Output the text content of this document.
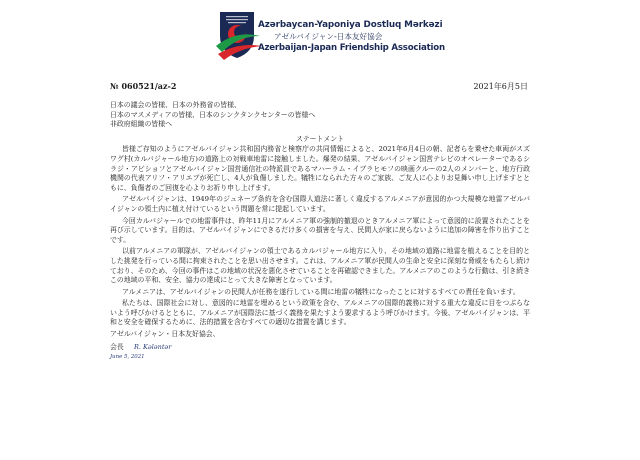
Azərbaycan-Yaponiya Dostluq Mərkəzi
アゼルバイジャン-日本友好協会
Azerbaijan-Japan Friendship Association
№ 060521/az-2	2021年6月5日
日本の議会の皆様、日本の外務省の皆様、
日本のマスメディアの皆様、日本のシンクタンクセンターの皆様へ
非政府組織の皆様へ
ステートメント

皆様ご存知のようにアゼルバイジャン共和国内務省と検察庁の共同情報によると、2021年6月4日の朝、記者らを乗せた車両がスズワグ村(カルバジャール地方)の道路上の対戦車地雷に接触しました。爆発の結果、アゼルバイジャン国営テレビのオペレーターであるシラジ・アビショフとアゼルバイジャン国営通信社の特派員であるマハーラム・イブラヒモフの映画クルーの2人のメンバーと、地方行政機関の代表アリフ・アリエブが死亡し、4人が負傷しました。犠牲になられた方々のご家族、ご友人に心よりお見舞い申し上げますとともに、負傷者のご回復を心よりお祈り申し上げます。

アゼルバイジャンは、1949年のジュネーブ条約を含む国際人道法に著しく違反するアルメニアが意図的かつ大規模な地雷アゼルバイジャンの領土内に植え付けているという問題を常に提起しています。

今回カルバジャールでの地雷事件は、昨年11月にアルメニア軍の強制的撤退のときアルメニア軍によって意図的に設置されたことを再び示しています。目的は、アゼルバイジャンにできるだけ多くの損害を与え、民間人が家に戻らないように追加の障害を作り出すことです。

以前アルメニアの軍隊が、アゼルバイジャンの領土であるカルバジャール地方に入り、その地域の道路に地雷を植えることを目的とした挑発を行っている間に拘束されたことを思い出させます。これは、アルメニア軍が民間人の生命と安全に深刻な脅威をもたらし続けており、そのため、今回の事件はこの地域の状況を悪化させていることを再確認できました。アルメニアのこのような行動は、引き続きこの地域の平和、安全、協力の達成にとって大きな障害となっています。

アルメニアは、アゼルバイジャンの民間人が任務を遂行している間に地雷の犠牲になったことに対するすべての責任を負います。

私たちは、国際社会に対し、意図的に地雷を埋めるという政策を含む、アルメニアの国際的義務に対する重大な違反に目をつぶらないよう呼びかけるとともに、アルメニアが国際法に基づく義務を果たすよう要求するよう呼びかけます。今後、アゼルバイジャンは、平和と安全を確保するために、法的措置を含むすべての適切な措置を講じます。

アゼルバイジャン・日本友好協会、
会長 R. Kələntər
June 5, 2021
